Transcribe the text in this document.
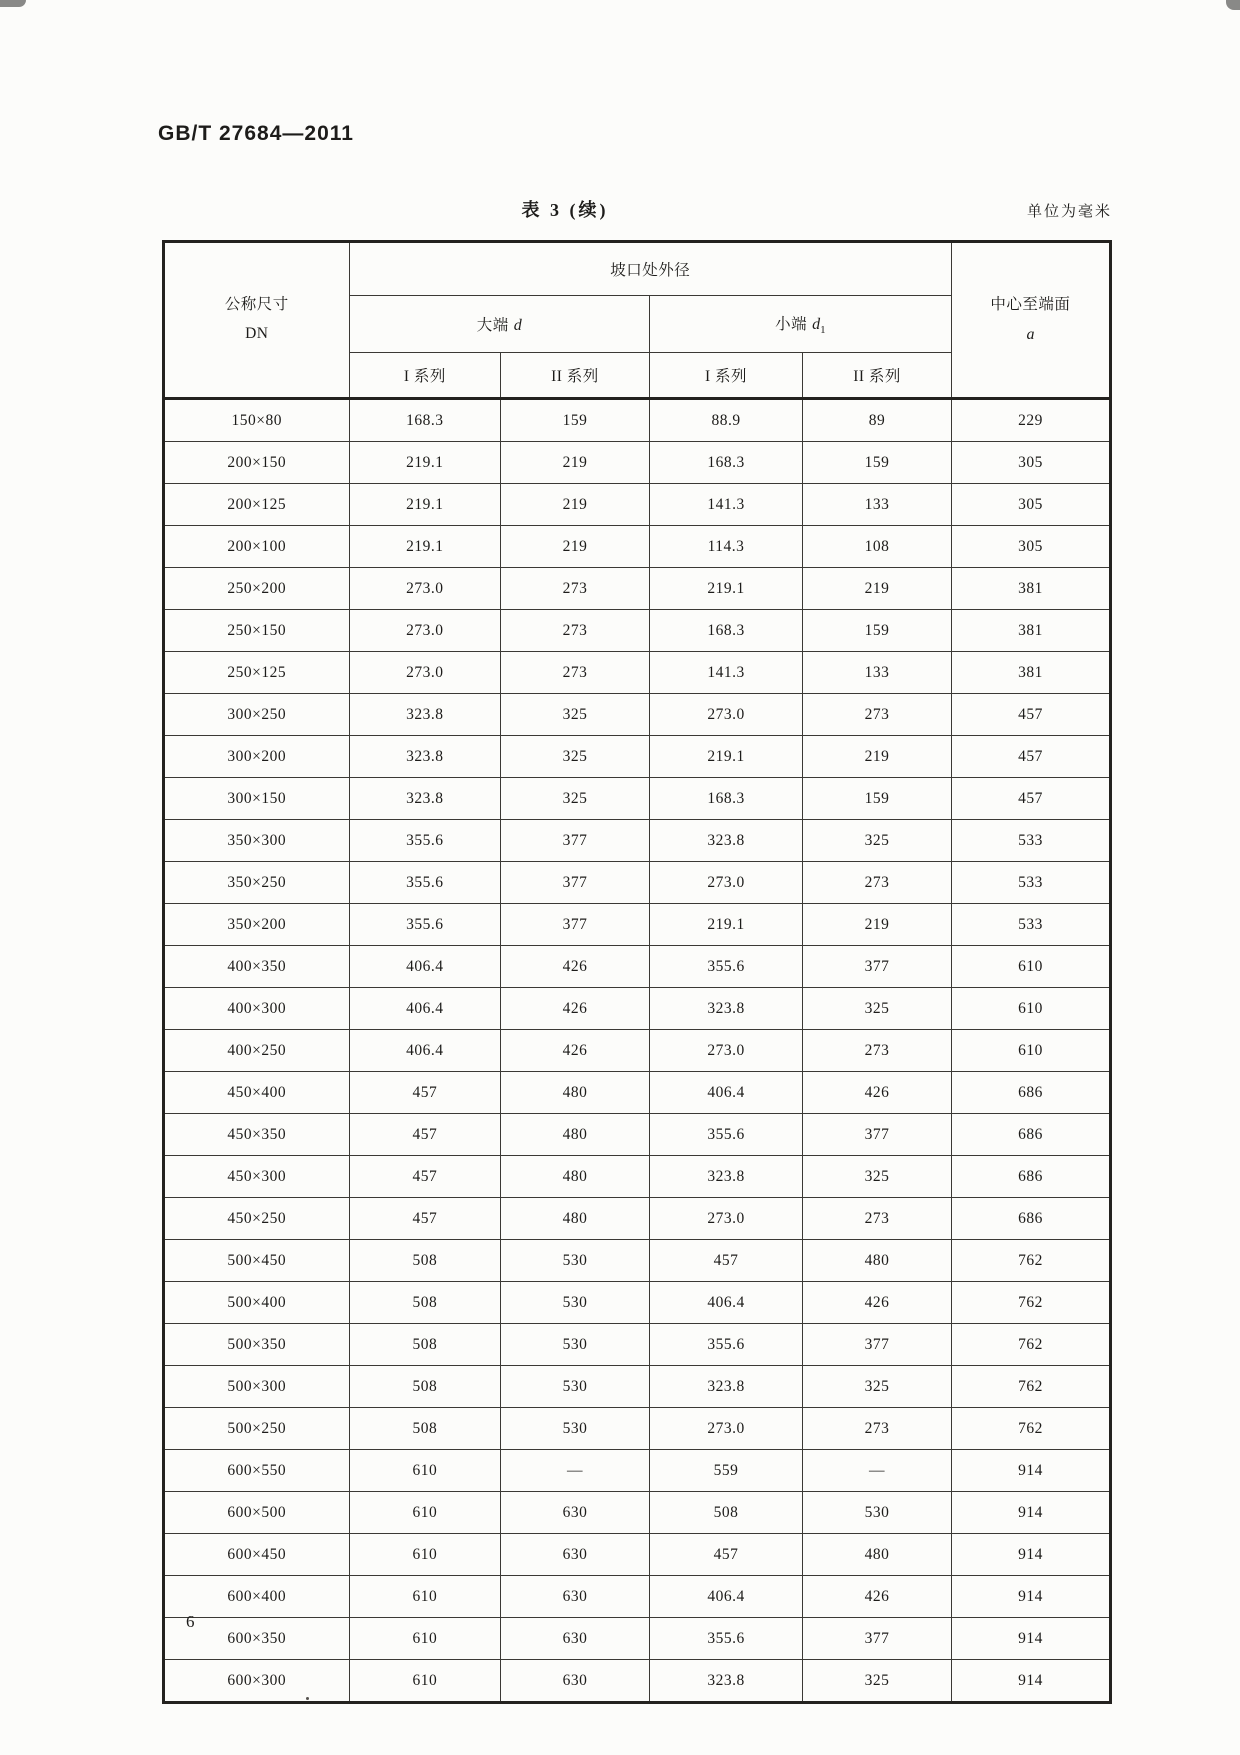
GB/T 27684—2011
表 3 (续)	单位为毫米
公称尺寸
DN
	坡口处外径	
中心至端面
a

	大端 d		小端 $d_1$
	I 系列	II 系列	I 系列	II 系列	
150×80	168.3	159	88.9	89	229
200×150	219.1	219	168.3	159	305
200×125	219.1	219	141.3	133	305
200×100	219.1	219	114.3	108	305
250×200	273.0	273	219.1	219	381
250×150	273.0	273	168.3	159	381
250×125	273.0	273	141.3	133	381
300×250	323.8	325	273.0	273	457
300×200	323.8	325	219.1	219	457
300×150	323.8	325	168.3	159	457
350×300	355.6	377	323.8	325	533
350×250	355.6	377	273.0	273	533
350×200	355.6	377	219.1	219	533
400×350	406.4	426	355.6	377	610
400×300	406.4	426	323.8	325	610
400×250	406.4	426	273.0	273	610
450×400	457	480	406.4	426	686
450×350	457	480	355.6	377	686
450×300	457	480	323.8	325	686
450×250	457	480	273.0	273	686
500×450	508	530	457	480	762
500×400	508	530	406.4	426	762
500×350	508	530	355.6	377	762
500×300	508	530	323.8	325	762
500×250	508	530	273.0	273	762
600×550	610	—	559	—	914
600×500	610	630	508	530	914
600×450	610	630	457	480	914
600×400	610	630	406.4	426	914
600×350	610	630	355.6	377	914
600×300	610	630	323.8	325	914
6
